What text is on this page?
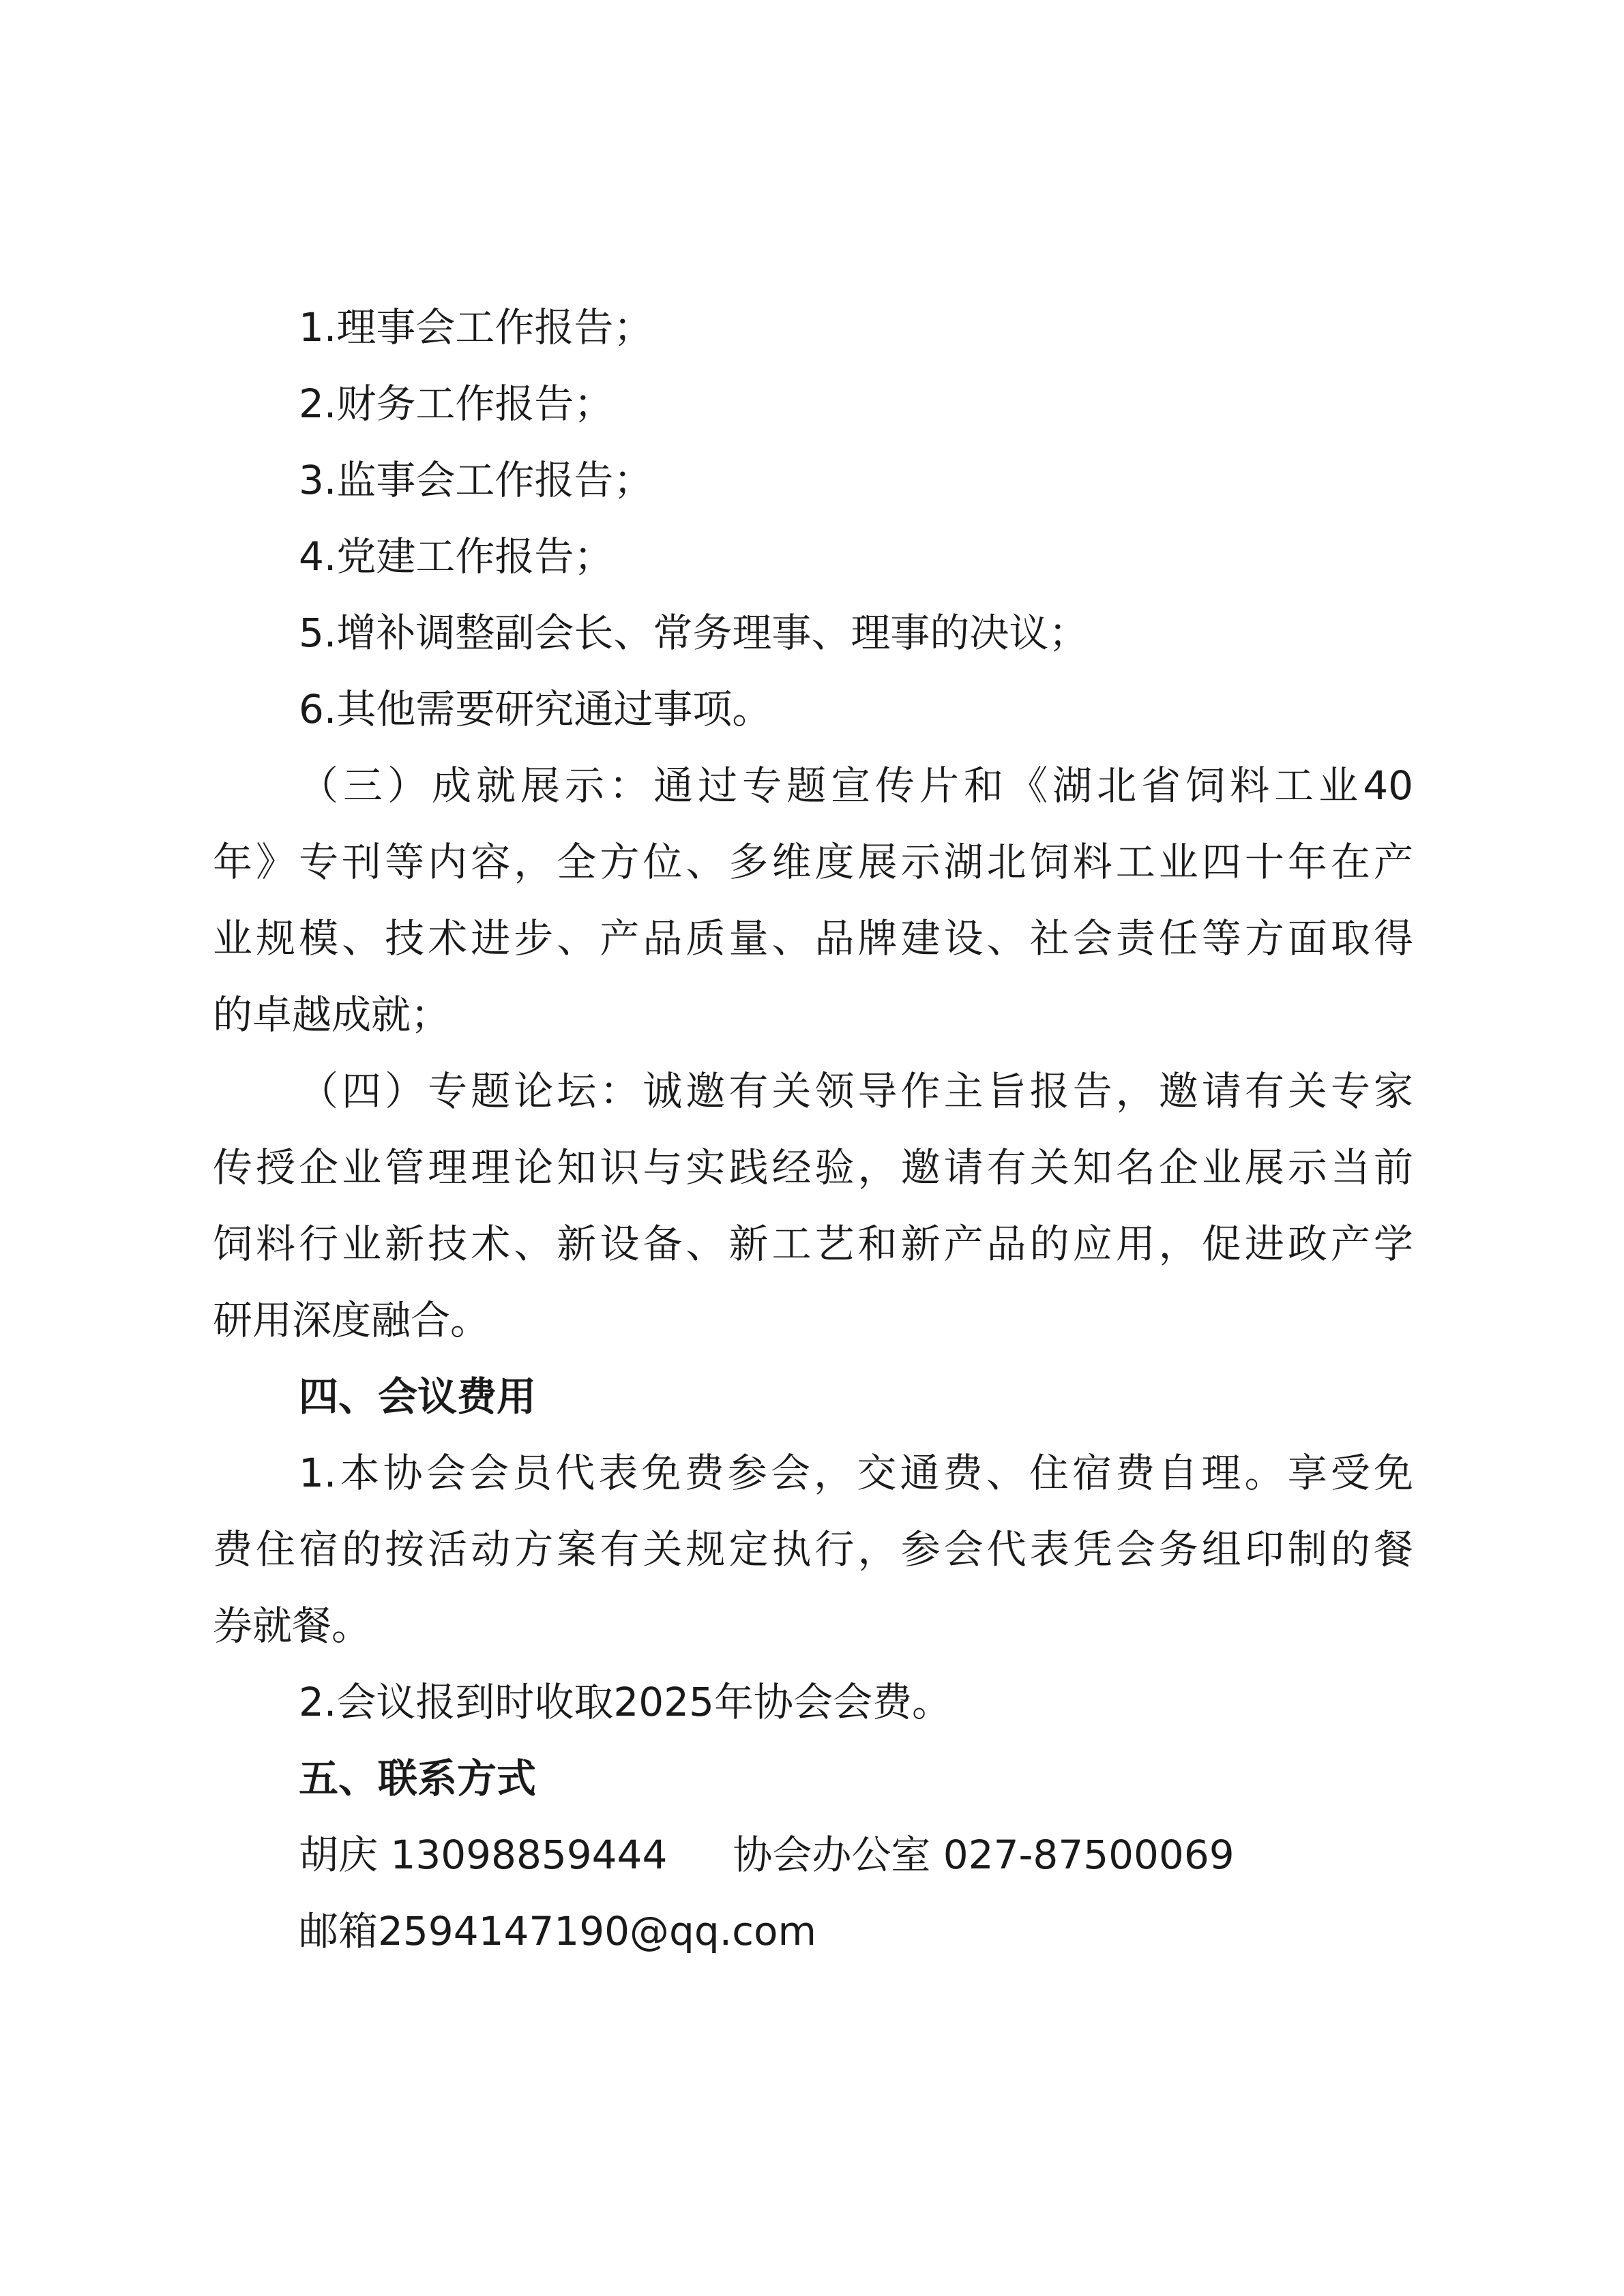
1.理事会工作报告；
2.财务工作报告；
3.监事会工作报告；
4.党建工作报告；
5.增补调整副会长、常务理事、理事的决议；
6.其他需要研究通过事项。
（三）成就展示：通过专题宣传片和《湖北省饲料工业40
年》专刊等内容，全方位、多维度展示湖北饲料工业四十年在产
业规模、技术进步、产品质量、品牌建设、社会责任等方面取得
的卓越成就；
（四）专题论坛：诚邀有关领导作主旨报告，邀请有关专家
传授企业管理理论知识与实践经验，邀请有关知名企业展示当前
饲料行业新技术、新设备、新工艺和新产品的应用，促进政产学
研用深度融合。
四、会议费用
1.本协会会员代表免费参会，交通费、住宿费自理。享受免
费住宿的按活动方案有关规定执行，参会代表凭会务组印制的餐
券就餐。
2.会议报到时收取2025年协会会费。
五、联系方式
胡庆 13098859444 协会办公室 027-87500069
邮箱2594147190@qq.com
